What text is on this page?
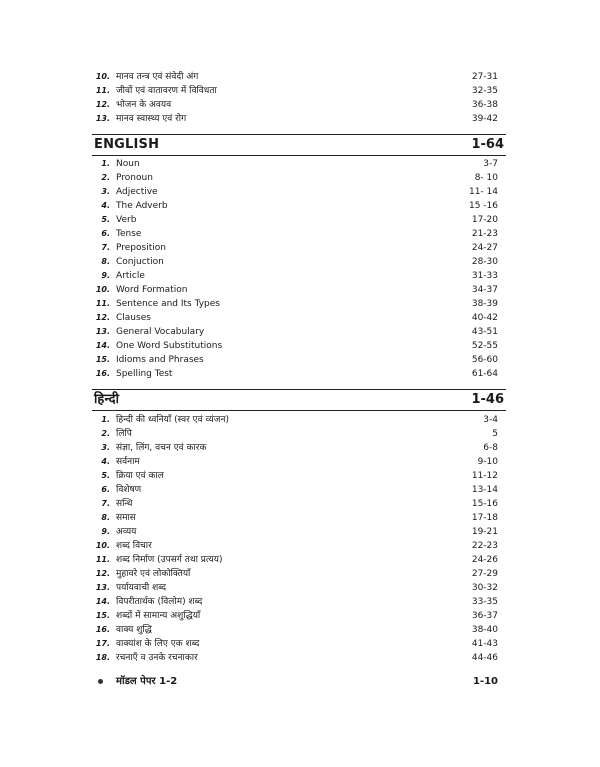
10. मानव तन्त्र एवं संवेदी अंग	27-31
11. जीवों एवं वातावरण में विविधता	32-35
12. भोजन के अवयव	36-38
13. मानव स्वास्थ्य एवं रोग	39-42
ENGLISH	1-64
1. Noun	3-7
2. Pronoun	8- 10
3. Adjective	11- 14
4. The Adverb	15 -16
5. Verb	17-20
6. Tense	21-23
7. Preposition	24-27
8. Conjuction	28-30
9. Article	31-33
10. Word Formation	34-37
11. Sentence and Its Types	38-39
12. Clauses	40-42
13. General Vocabulary	43-51
14. One Word Substitutions	52-55
15. Idioms and Phrases	56-60
16. Spelling Test	61-64
हिन्दी	1-46
1. हिन्दी की ध्वनियाँ (स्वर एवं व्यंजन)	3-4
2. लिपि	5
3. संज्ञा, लिंग, वचन एवं कारक	6-8
4. सर्वनाम	9-10
5. क्रिया एवं काल	11-12
6. विशेषण	13-14
7. सन्धि	15-16
8. समास	17-18
9. अव्यय	19-21
10. शब्द विचार	22-23
11. शब्द निर्माण (उपसर्ग तथा प्रत्यय)	24-26
12. मुहावरे एवं लोकोक्तियाँ	27-29
13. पर्यायवाची शब्द	30-32
14. विपरीतार्थक (विलोम) शब्द	33-35
15. शब्दों में सामान्य अशुद्धियाँ	36-37
16. वाक्य शुद्धि	38-40
17. वाक्यांश के लिए एक शब्द	41-43
18. रचनाएँ व उनके रचनाकार	44-46
मॉडल पेपर 1-2	1-10
